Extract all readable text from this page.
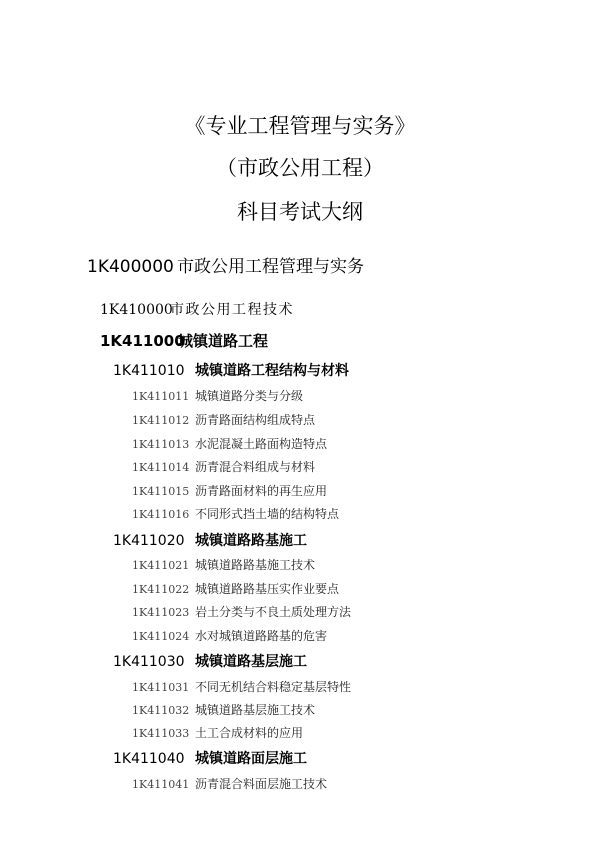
《专业工程管理与实务》
（市政公用工程）
科目考试大纲
1K400000 市政公用工程管理与实务
1K410000
市政公用工程技术
1K411000
城镇道路工程
1K411010 城镇道路工程结构与材料
1K411011 城镇道路分类与分级
1K411012 沥青路面结构组成特点
1K411013 水泥混凝土路面构造特点
1K411014 沥青混合料组成与材料
1K411015 沥青路面材料的再生应用
1K411016 不同形式挡土墙的结构特点
1K411020 城镇道路路基施工
1K411021 城镇道路路基施工技术
1K411022 城镇道路路基压实作业要点
1K411023 岩土分类与不良土质处理方法
1K411024 水对城镇道路路基的危害
1K411030 城镇道路基层施工
1K411031 不同无机结合料稳定基层特性
1K411032 城镇道路基层施工技术
1K411033 土工合成材料的应用
1K411040 城镇道路面层施工
1K411041 沥青混合料面层施工技术
